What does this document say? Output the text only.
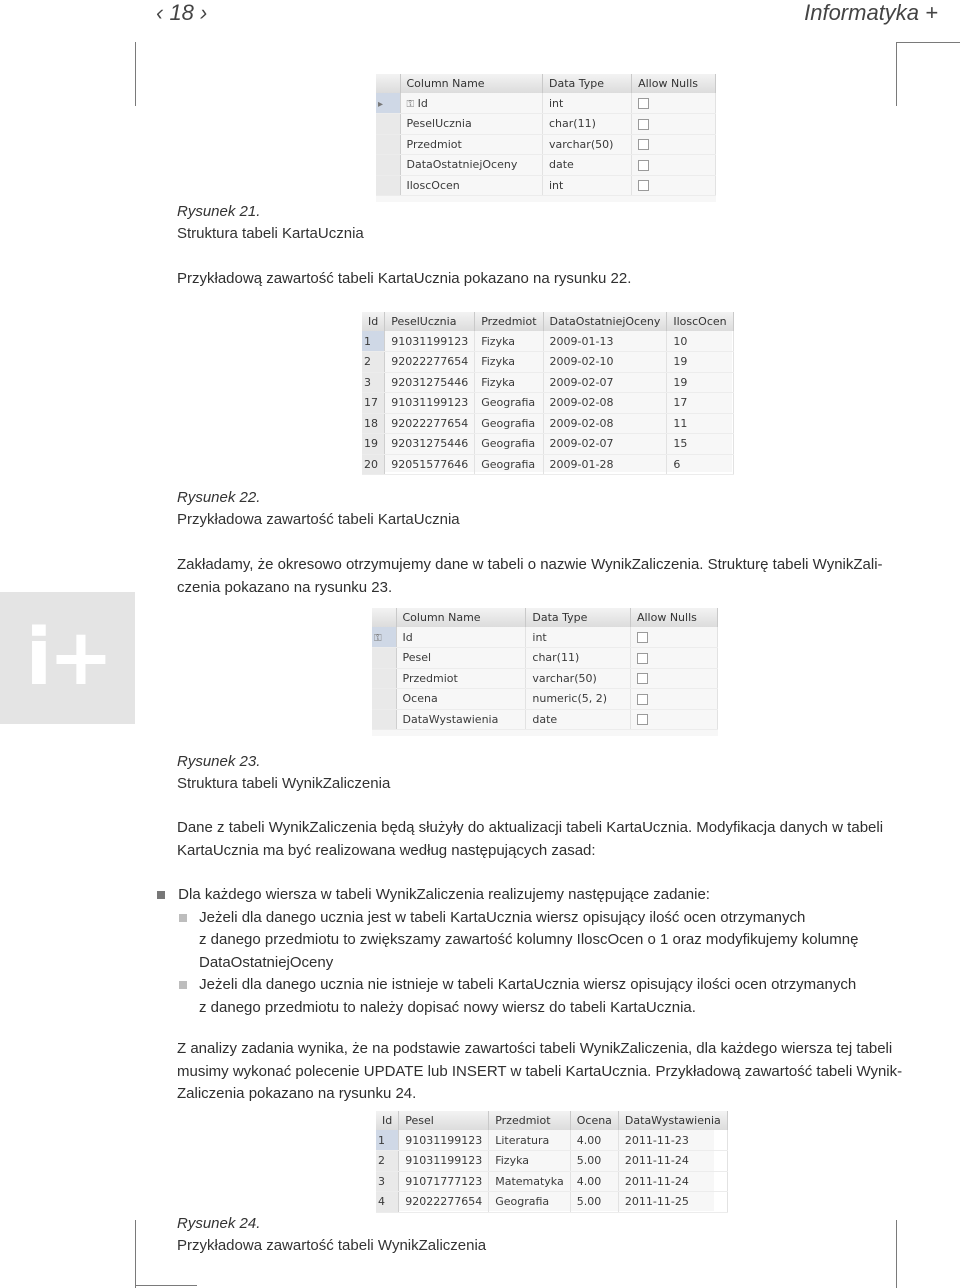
‹ 18 ›	Informatyka +
i+
	Column Name	Data Type	Allow Nulls
▸	⚿ Id	int	
	PeselUcznia	char(11)	
	Przedmiot	varchar(50)	
	DataOstatniejOceny	date	
	IloscOcen	int	
Rysunek 21.
Struktura tabeli KartaUcznia
Przykładową zawartość tabeli KartaUcznia pokazano na rysunku 22.
Id	PeselUcznia	Przedmiot	DataOstatniejOceny	IloscOcen
1	91031199123	Fizyka	2009-01-13	10
2	92022277654	Fizyka	2009-02-10	19
3	92031275446	Fizyka	2009-02-07	19
17	91031199123	Geografia	2009-02-08	17
18	92022277654	Geografia	2009-02-08	11
19	92031275446	Geografia	2009-02-07	15
20	92051577646	Geografia	2009-01-28	6
Rysunek 22.
Przykładowa zawartość tabeli KartaUcznia
Zakładamy, że okresowo otrzymujemy dane w tabeli o nazwie WynikZaliczenia. Strukturę tabeli WynikZali-
czenia pokazano na rysunku 23.
	Column Name	Data Type	Allow Nulls
⚿	Id	int	
	Pesel	char(11)	
	Przedmiot	varchar(50)	
	Ocena	numeric(5, 2)	
	DataWystawienia	date	
Rysunek 23.
Struktura tabeli WynikZaliczenia
Dane z tabeli WynikZaliczenia będą służyły do aktualizacji tabeli KartaUcznia. Modyfikacja danych w tabeli
KartaUcznia ma być realizowana według następujących zasad:
Dla każdego wiersza w tabeli WynikZaliczenia realizujemy następujące zadanie:
Jeżeli dla danego ucznia jest w tabeli KartaUcznia wiersz opisujący ilość ocen otrzymanych
z danego przedmiotu to zwiększamy zawartość kolumny IloscOcen o 1 oraz modyfikujemy kolumnę
DataOstatniejOceny
Jeżeli dla danego ucznia nie istnieje w tabeli KartaUcznia wiersz opisujący ilości ocen otrzymanych
z danego przedmiotu to należy dopisać nowy wiersz do tabeli KartaUcznia.
Z analizy zadania wynika, że na podstawie zawartości tabeli WynikZaliczenia, dla każdego wiersza tej tabeli
musimy wykonać polecenie UPDATE lub INSERT w tabeli KartaUcznia. Przykładową zawartość tabeli Wynik-
Zaliczenia pokazano na rysunku 24.
Id	Pesel	Przedmiot	Ocena	DataWystawienia
1	91031199123	Literatura	4.00	2011-11-23
2	91031199123	Fizyka	5.00	2011-11-24
3	91071777123	Matematyka	4.00	2011-11-24
4	92022277654	Geografia	5.00	2011-11-25
Rysunek 24.
Przykładowa zawartość tabeli WynikZaliczenia
